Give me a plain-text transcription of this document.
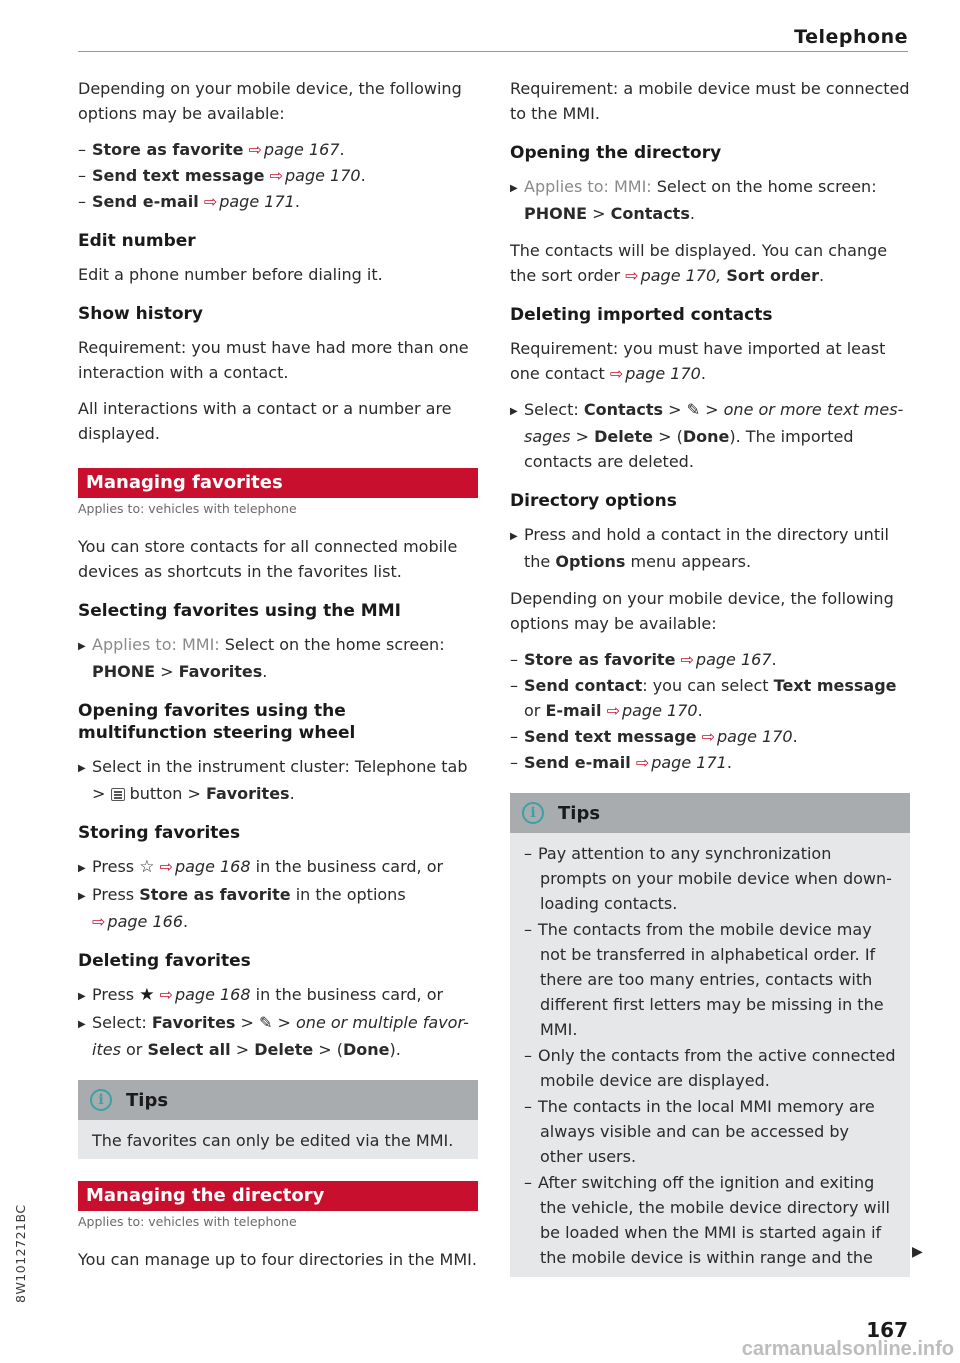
Telephone

Depending on your mobile device, the following options may be available:

– Store as favorite ⇨ page 167.
– Send text message ⇨ page 170.
– Send e-mail ⇨ page 171.
Edit number

Edit a phone number before dialing it.

Show history

Requirement: you must have had more than one interaction with a contact.

All interactions with a contact or a number are displayed.

Managing favorites
Applies to: vehicles with telephone

You can store contacts for all connected mobile devices as shortcuts in the favorites list.

Selecting favorites using the MMI
▶ Applies to: MMI: Select on the home screen:
PHONE > Favorites.
Opening favorites using the multifunction steering wheel
▶ Select in the instrument cluster: Telephone tab
>
button > Favorites.
Storing favorites
▶ Press ☆ ⇨ page 168 in the business card, or
▶ Press Store as favorite in the options
⇨ page 166.
Deleting favorites
▶ Press ★ ⇨ page 168 in the business card, or
▶ Select: Favorites > ✎ > one or multiple favor-ites or Select all > Delete > (Done).
i	Tips
The favorites can only be edited via the MMI.
Managing the directory
Applies to: vehicles with telephone

You can manage up to four directories in the MMI.

Requirement: a mobile device must be connected to the MMI.

Opening the directory
▶ Applies to: MMI: Select on the home screen:
PHONE > Contacts.

The contacts will be displayed. You can change the sort order ⇨ page 170, Sort order.

Deleting imported contacts

Requirement: you must have imported at least one contact ⇨ page 170.

▶ Select: Contacts > ✎ > one or more text mes-sages > Delete > (Done). The imported contacts are deleted.
Directory options
▶ Press and hold a contact in the directory until the Options menu appears.

Depending on your mobile device, the following options may be available:

– Store as favorite ⇨ page 167.
– Send contact: you can select Text message or E-mail ⇨ page 170.
– Send text message ⇨ page 170.
– Send e-mail ⇨ page 171.
i	Tips
– Pay attention to any synchronization prompts on your mobile device when down-loading contacts.
– The contacts from the mobile device may not be transferred in alphabetical order. If there are too many entries, contacts with different first letters may be missing in the MMI.
– Only the contacts from the active connected mobile device are displayed.
– The contacts in the local MMI memory are always visible and can be accessed by other users.
– After switching off the ignition and exiting the vehicle, the mobile device directory will be loaded when the MMI is started again if the mobile device is within range and the	▶
8W1012721BC
167
carmanualsonline.info
